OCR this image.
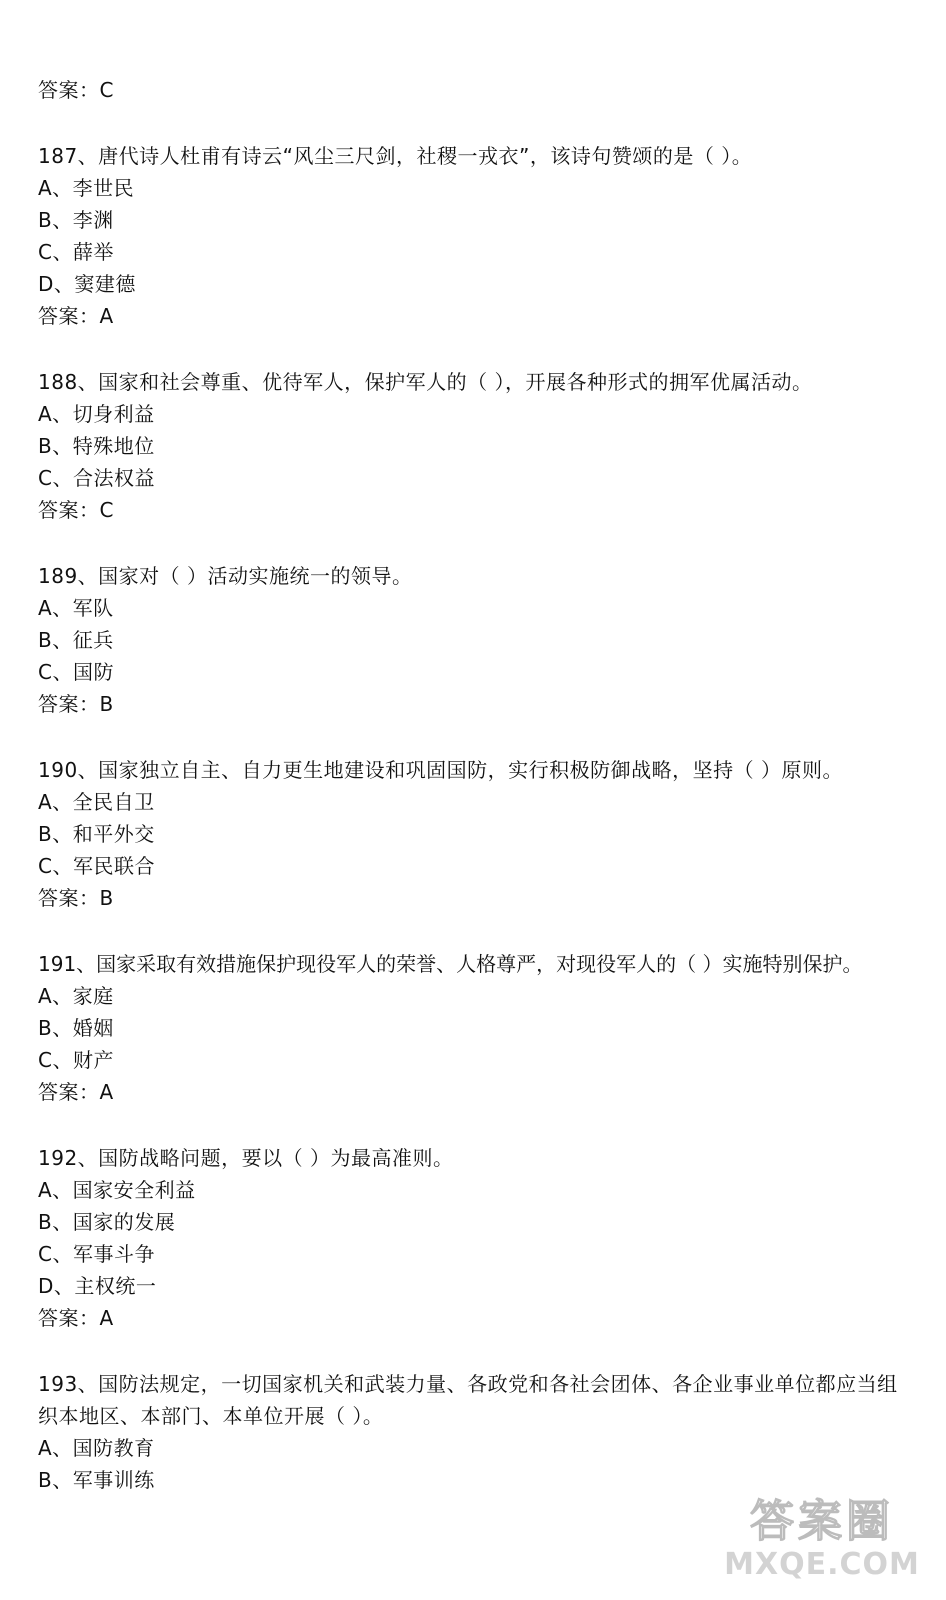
答案：C
187、唐代诗人杜甫有诗云“风尘三尺剑，社稷一戎衣”，该诗句赞颂的是（ ）。
A、李世民
B、李渊
C、薛举
D、窦建德
答案：A
188、国家和社会尊重、优待军人，保护军人的（ ），开展各种形式的拥军优属活动。
A、切身利益
B、特殊地位
C、合法权益
答案：C
189、国家对（ ）活动实施统一的领导。
A、军队
B、征兵
C、国防
答案：B
190、国家独立自主、自力更生地建设和巩固国防，实行积极防御战略，坚持（ ）原则。
A、全民自卫
B、和平外交
C、军民联合
答案：B
191、国家采取有效措施保护现役军人的荣誉、人格尊严，对现役军人的（ ）实施特别保护。
A、家庭
B、婚姻
C、财产
答案：A
192、国防战略问题，要以（ ）为最高准则。
A、国家安全利益
B、国家的发展
C、军事斗争
D、主权统一
答案：A
193、国防法规定，一切国家机关和武装力量、各政党和各社会团体、各企业事业单位都应当组织本地区、本部门、本单位开展（ ）。
A、国防教育
B、军事训练
答案圈
MXQE.COM
